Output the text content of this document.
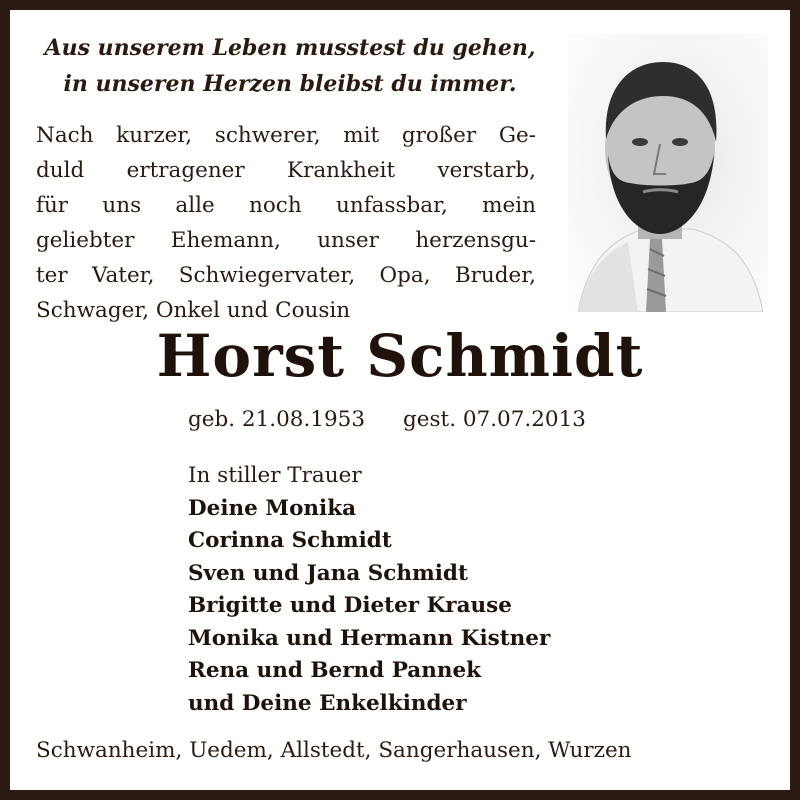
Aus unserem Leben musstest du gehen,
in unseren Herzen bleibst du immer.
Nach kurzer, schwerer, mit großer Ge-
duld ertragener Krankheit verstarb,
für uns alle noch unfassbar, mein
geliebter Ehemann, unser herzensgu-
ter Vater, Schwiegervater, Opa, Bruder,
Schwager, Onkel und Cousin
Horst Schmidt
geb. 21.08.1953 gest. 07.07.2013
In stiller Trauer
Deine Monika
Corinna Schmidt
Sven und Jana Schmidt
Brigitte und Dieter Krause
Monika und Hermann Kistner
Rena und Bernd Pannek
und Deine Enkelkinder
Schwanheim, Uedem, Allstedt, Sangerhausen, Wurzen
